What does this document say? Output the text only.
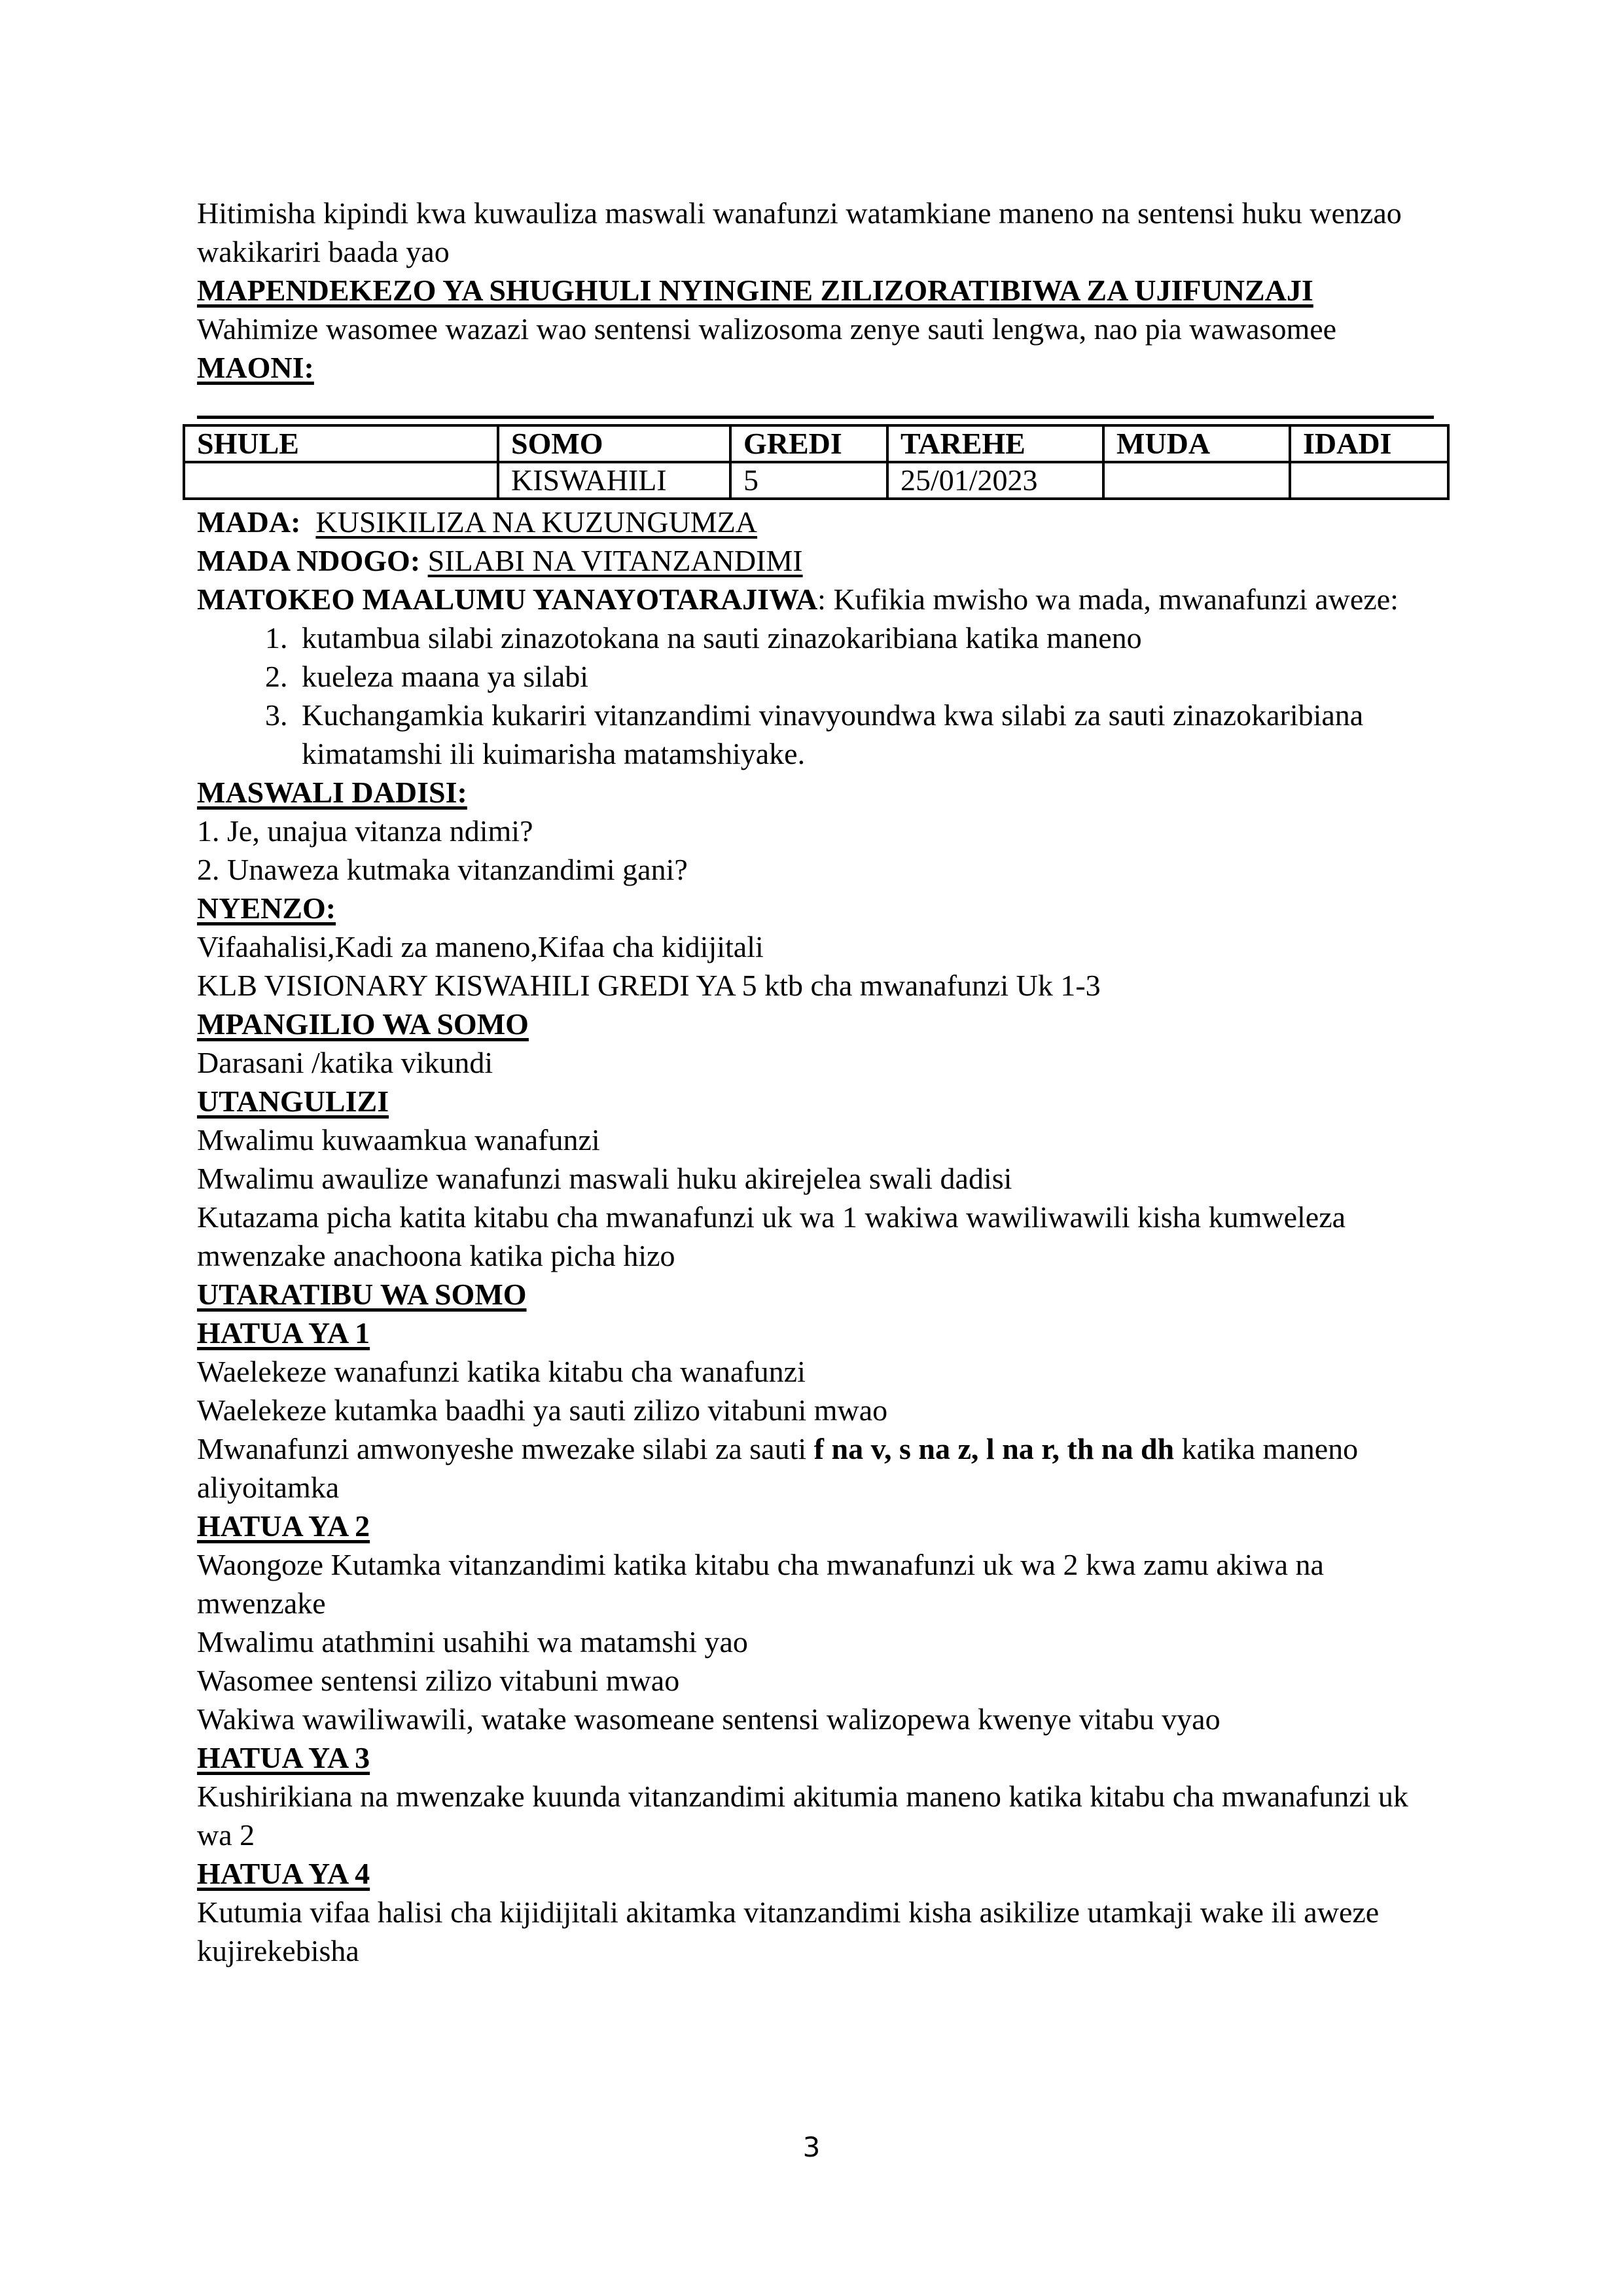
Hitimisha kipindi kwa kuwauliza maswali wanafunzi watamkiane maneno na sentensi huku wenzao wakikariri baada yao

MAPENDEKEZO YA SHUGHULI NYINGINE ZILIZORATIBIWA ZA UJIFUNZAJI

Wahimize wasomee wazazi wao sentensi walizosoma zenye sauti lengwa, nao pia wawasomee

MAONI:

SHULE	SOMO	GREDI	TAREHE	MUDA	IDADI
	KISWAHILI	5	25/01/2023		

MADA: KUSIKILIZA NA KUZUNGUMZA

MADA NDOGO: SILABI NA VITANZANDIMI

MATOKEO MAALUMU YANAYOTARAJIWA: Kufikia mwisho wa mada, mwanafunzi aweze:

1. kutambua silabi zinazotokana na sauti zinazokaribiana katika maneno
2. kueleza maana ya silabi
3. Kuchangamkia kukariri vitanzandimi vinavyoundwa kwa silabi za sauti zinazokaribiana kimatamshi ili kuimarisha matamshiyake.

MASWALI DADISI:

1. Je, unajua vitanza ndimi?

2. Unaweza kutmaka vitanzandimi gani?

NYENZO:

Vifaahalisi,Kadi za maneno,Kifaa cha kidijitali

KLB VISIONARY KISWAHILI GREDI YA 5 ktb cha mwanafunzi Uk 1-3

MPANGILIO WA SOMO

Darasani /katika vikundi

UTANGULIZI

Mwalimu kuwaamkua wanafunzi

Mwalimu awaulize wanafunzi maswali huku akirejelea swali dadisi

Kutazama picha katita kitabu cha mwanafunzi uk wa 1 wakiwa wawiliwawili kisha kumweleza mwenzake anachoona katika picha hizo

UTARATIBU WA SOMO

HATUA YA 1

Waelekeze wanafunzi katika kitabu cha wanafunzi

Waelekeze kutamka baadhi ya sauti zilizo vitabuni mwao

Mwanafunzi amwonyeshe mwezake silabi za sauti f na v, s na z, l na r, th na dh katika maneno aliyoitamka

HATUA YA 2

Waongoze Kutamka vitanzandimi katika kitabu cha mwanafunzi uk wa 2 kwa zamu akiwa na mwenzake

Mwalimu atathmini usahihi wa matamshi yao

Wasomee sentensi zilizo vitabuni mwao

Wakiwa wawiliwawili, watake wasomeane sentensi walizopewa kwenye vitabu vyao

HATUA YA 3

Kushirikiana na mwenzake kuunda vitanzandimi akitumia maneno katika kitabu cha mwanafunzi uk wa 2

HATUA YA 4

Kutumia vifaa halisi cha kijidijitali akitamka vitanzandimi kisha asikilize utamkaji wake ili aweze kujirekebisha

3
